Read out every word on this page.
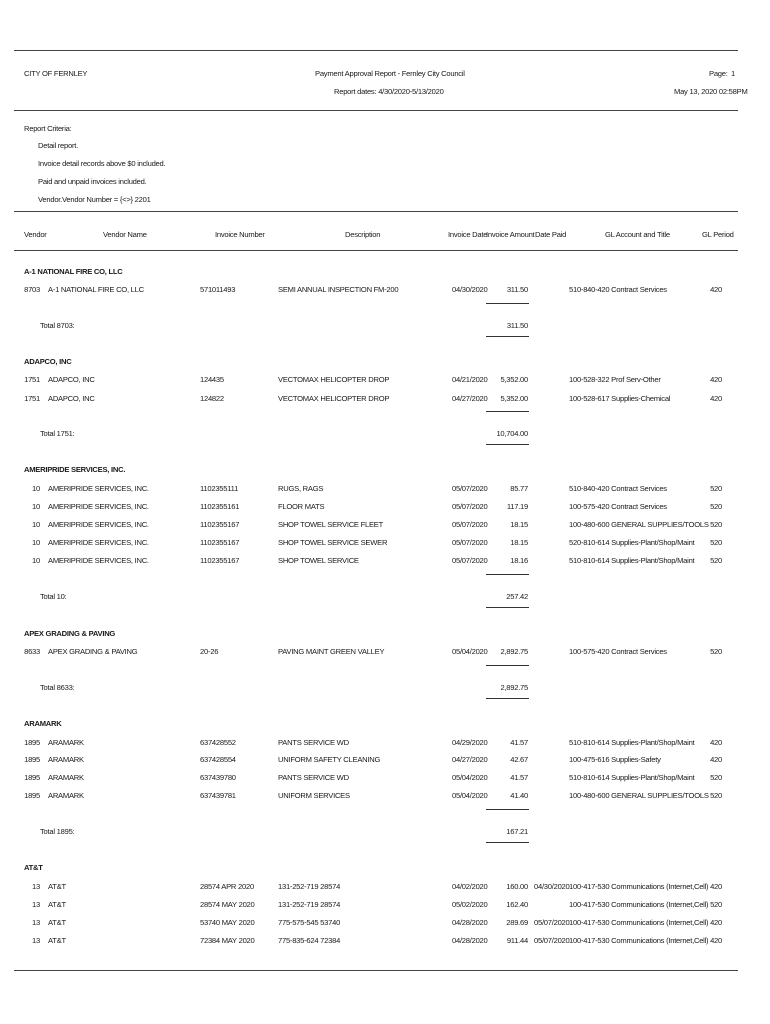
CITY OF FERNLEY	Payment Approval Report - Fernley City Council
Report dates: 4/30/2020-5/13/2020
Page: 1
May 13, 2020 02:58PM
Report Criteria:
Detail report.
Invoice detail records above $0 included.
Paid and unpaid invoices included.
Vendor.Vendor Number = {<>} 2201
Vendor	Vendor Name	Invoice Number	Description	Invoice Date
Invoice Amount Date Paid	GL Account and Title	GL Period
A-1 NATIONAL FIRE CO, LLC
8703 A-1 NATIONAL FIRE CO, LLC	571011493	SEMI ANNUAL INSPECTION FM-200	04/30/2020	311.50	510-840-420 Contract Services	420
Total 8703:	311.50
ADAPCO, INC
1751 ADAPCO, INC	124435	VECTOMAX HELICOPTER DROP	04/21/2020	5,352.00	100-528-322 Prof Serv-Other	420
1751 ADAPCO, INC	124822	VECTOMAX HELICOPTER DROP	04/27/2020	5,352.00	100-528-617 Supplies-Chemical	420
Total 1751:	10,704.00
AMERIPRIDE SERVICES, INC.
10 AMERIPRIDE SERVICES, INC.	1102355111	RUGS, RAGS	05/07/2020	85.77	510-840-420 Contract Services	520
10 AMERIPRIDE SERVICES, INC.	1102355161	FLOOR MATS	05/07/2020	117.19	100-575-420 Contract Services	520
10 AMERIPRIDE SERVICES, INC.	1102355167	SHOP TOWEL SERVICE FLEET	05/07/2020	18.15	100-480-600 GENERAL SUPPLIES/TOOLS 520
10 AMERIPRIDE SERVICES, INC.	1102355167	SHOP TOWEL SERVICE SEWER	05/07/2020	18.15	520-810-614 Supplies-Plant/Shop/Maint	520
10 AMERIPRIDE SERVICES, INC.	1102355167	SHOP TOWEL SERVICE	05/07/2020	18.16	510-810-614 Supplies-Plant/Shop/Maint	520
Total 10:	257.42
APEX GRADING & PAVING
8633 APEX GRADING & PAVING	20-26	PAVING MAINT GREEN VALLEY	05/04/2020	2,892.75	100-575-420 Contract Services	520
Total 8633:	2,892.75
ARAMARK
1895 ARAMARK	637428552	PANTS SERVICE WD	04/29/2020	41.57	510-810-614 Supplies-Plant/Shop/Maint	420
1895 ARAMARK	637428554	UNIFORM SAFETY CLEANING	04/27/2020	42.67	100-475-616 Supplies-Safety	420
1895 ARAMARK	637439780	PANTS SERVICE WD	05/04/2020	41.57	510-810-614 Supplies-Plant/Shop/Maint	520
1895 ARAMARK	637439781	UNIFORM SERVICES	05/04/2020	41.40	100-480-600 GENERAL SUPPLIES/TOOLS 520
Total 1895:	167.21
AT&T
13 AT&T	28574 APR 2020	131-252-719 28574	04/02/2020	160.00 04/30/2020 100-417-530 Communications (Internet,Cell) 420
13 AT&T	28574 MAY 2020	131-252-719 28574	05/02/2020	162.40	100-417-530 Communications (Internet,Cell) 520
13 AT&T	53740 MAY 2020	775-575-545 53740	04/28/2020	289.69 05/07/2020 100-417-530 Communications (Internet,Cell) 420
13 AT&T	72384 MAY 2020	775-835-624 72384	04/28/2020	911.44 05/07/2020 100-417-530 Communications (Internet,Cell) 420
